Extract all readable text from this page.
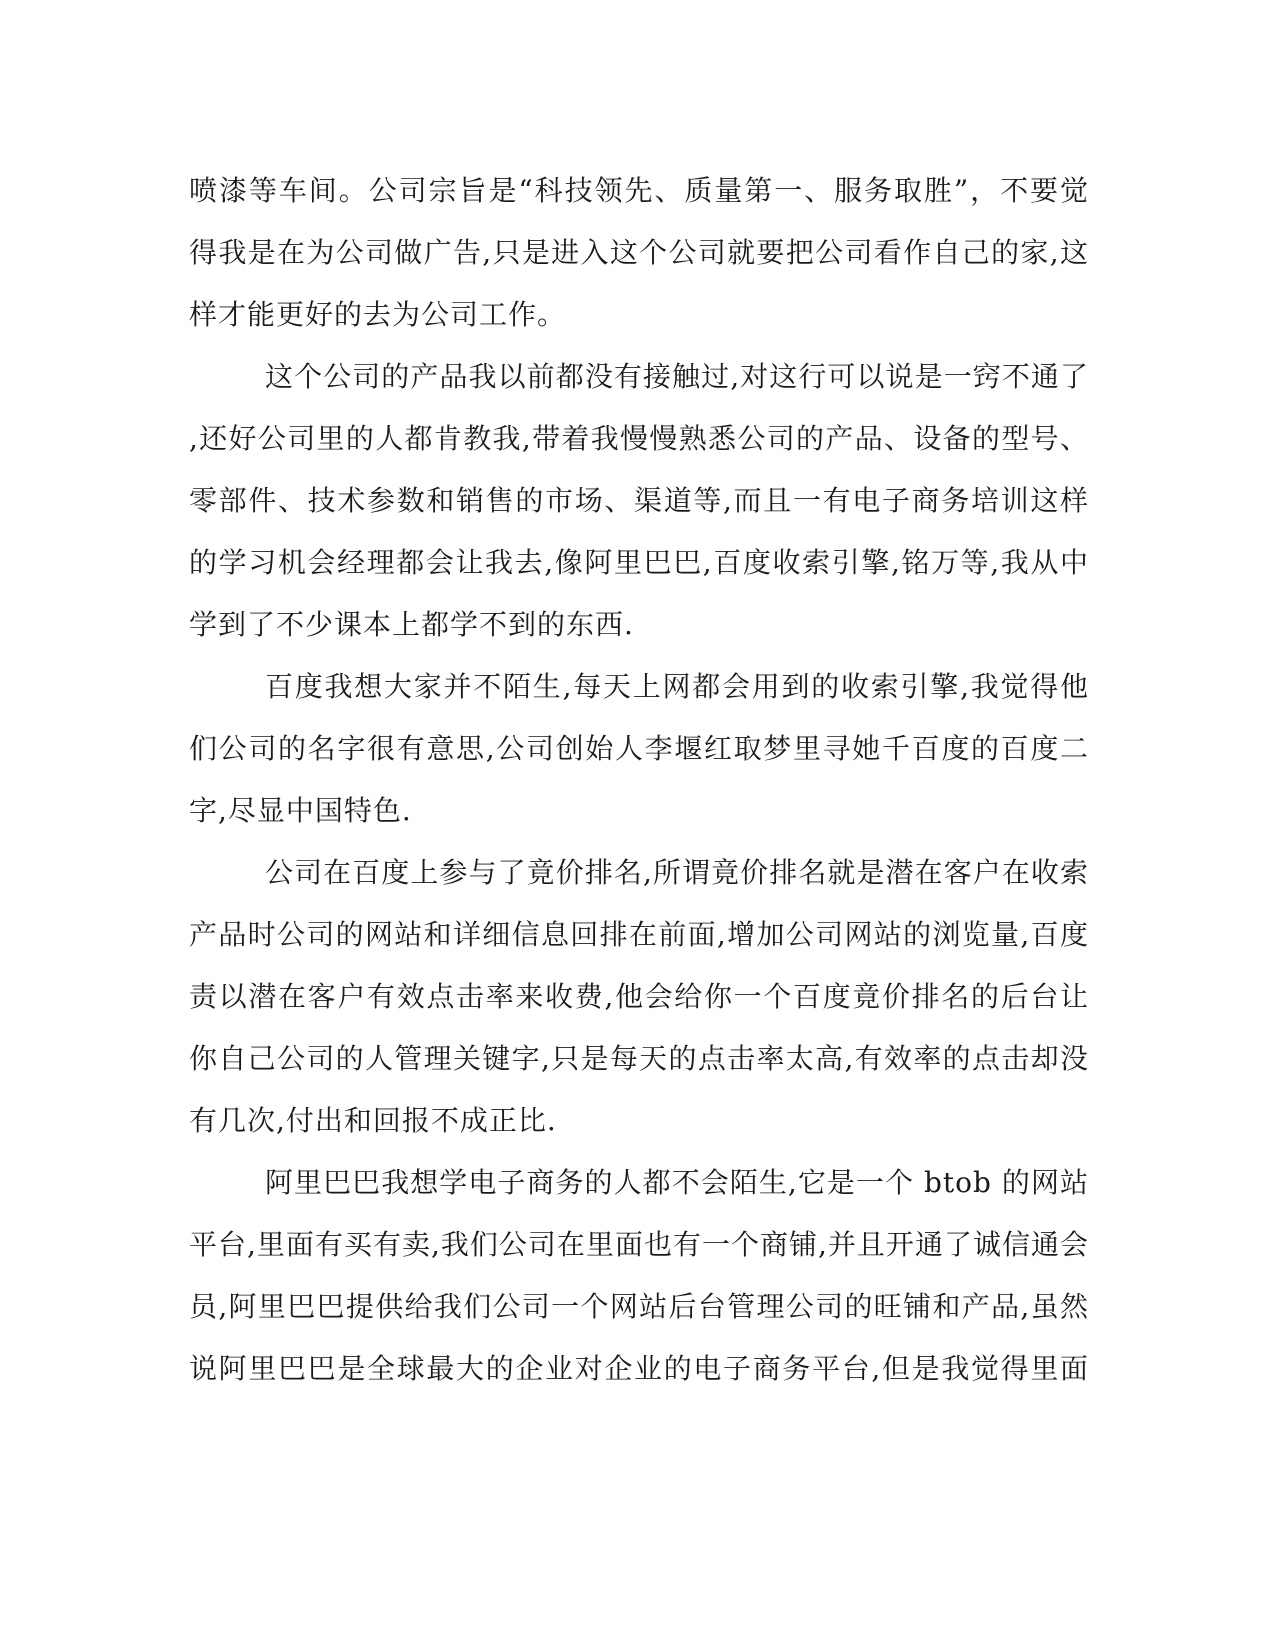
喷漆等车间。公司宗旨是“科技领先、质量第一、服务取胜”，不要觉
得我是在为公司做广告,只是进入这个公司就要把公司看作自己的家,这
样才能更好的去为公司工作。
这个公司的产品我以前都没有接触过,对这行可以说是一窍不通了
,还好公司里的人都肯教我,带着我慢慢熟悉公司的产品、设备的型号、
零部件、技术参数和销售的市场、渠道等,而且一有电子商务培训这样
的学习机会经理都会让我去,像阿里巴巴,百度收索引擎,铭万等,我从中
学到了不少课本上都学不到的东西.
百度我想大家并不陌生,每天上网都会用到的收索引擎,我觉得他
们公司的名字很有意思,公司创始人李堰红取梦里寻她千百度的百度二
字,尽显中国特色.
公司在百度上参与了竟价排名,所谓竟价排名就是潜在客户在收索
产品时公司的网站和详细信息回排在前面,增加公司网站的浏览量,百度
责以潜在客户有效点击率来收费,他会给你一个百度竟价排名的后台让
你自己公司的人管理关键字,只是每天的点击率太高,有效率的点击却没
有几次,付出和回报不成正比.
阿里巴巴我想学电子商务的人都不会陌生,它是一个 btob 的网站
平台,里面有买有卖,我们公司在里面也有一个商铺,并且开通了诚信通会
员,阿里巴巴提供给我们公司一个网站后台管理公司的旺铺和产品,虽然
说阿里巴巴是全球最大的企业对企业的电子商务平台,但是我觉得里面
